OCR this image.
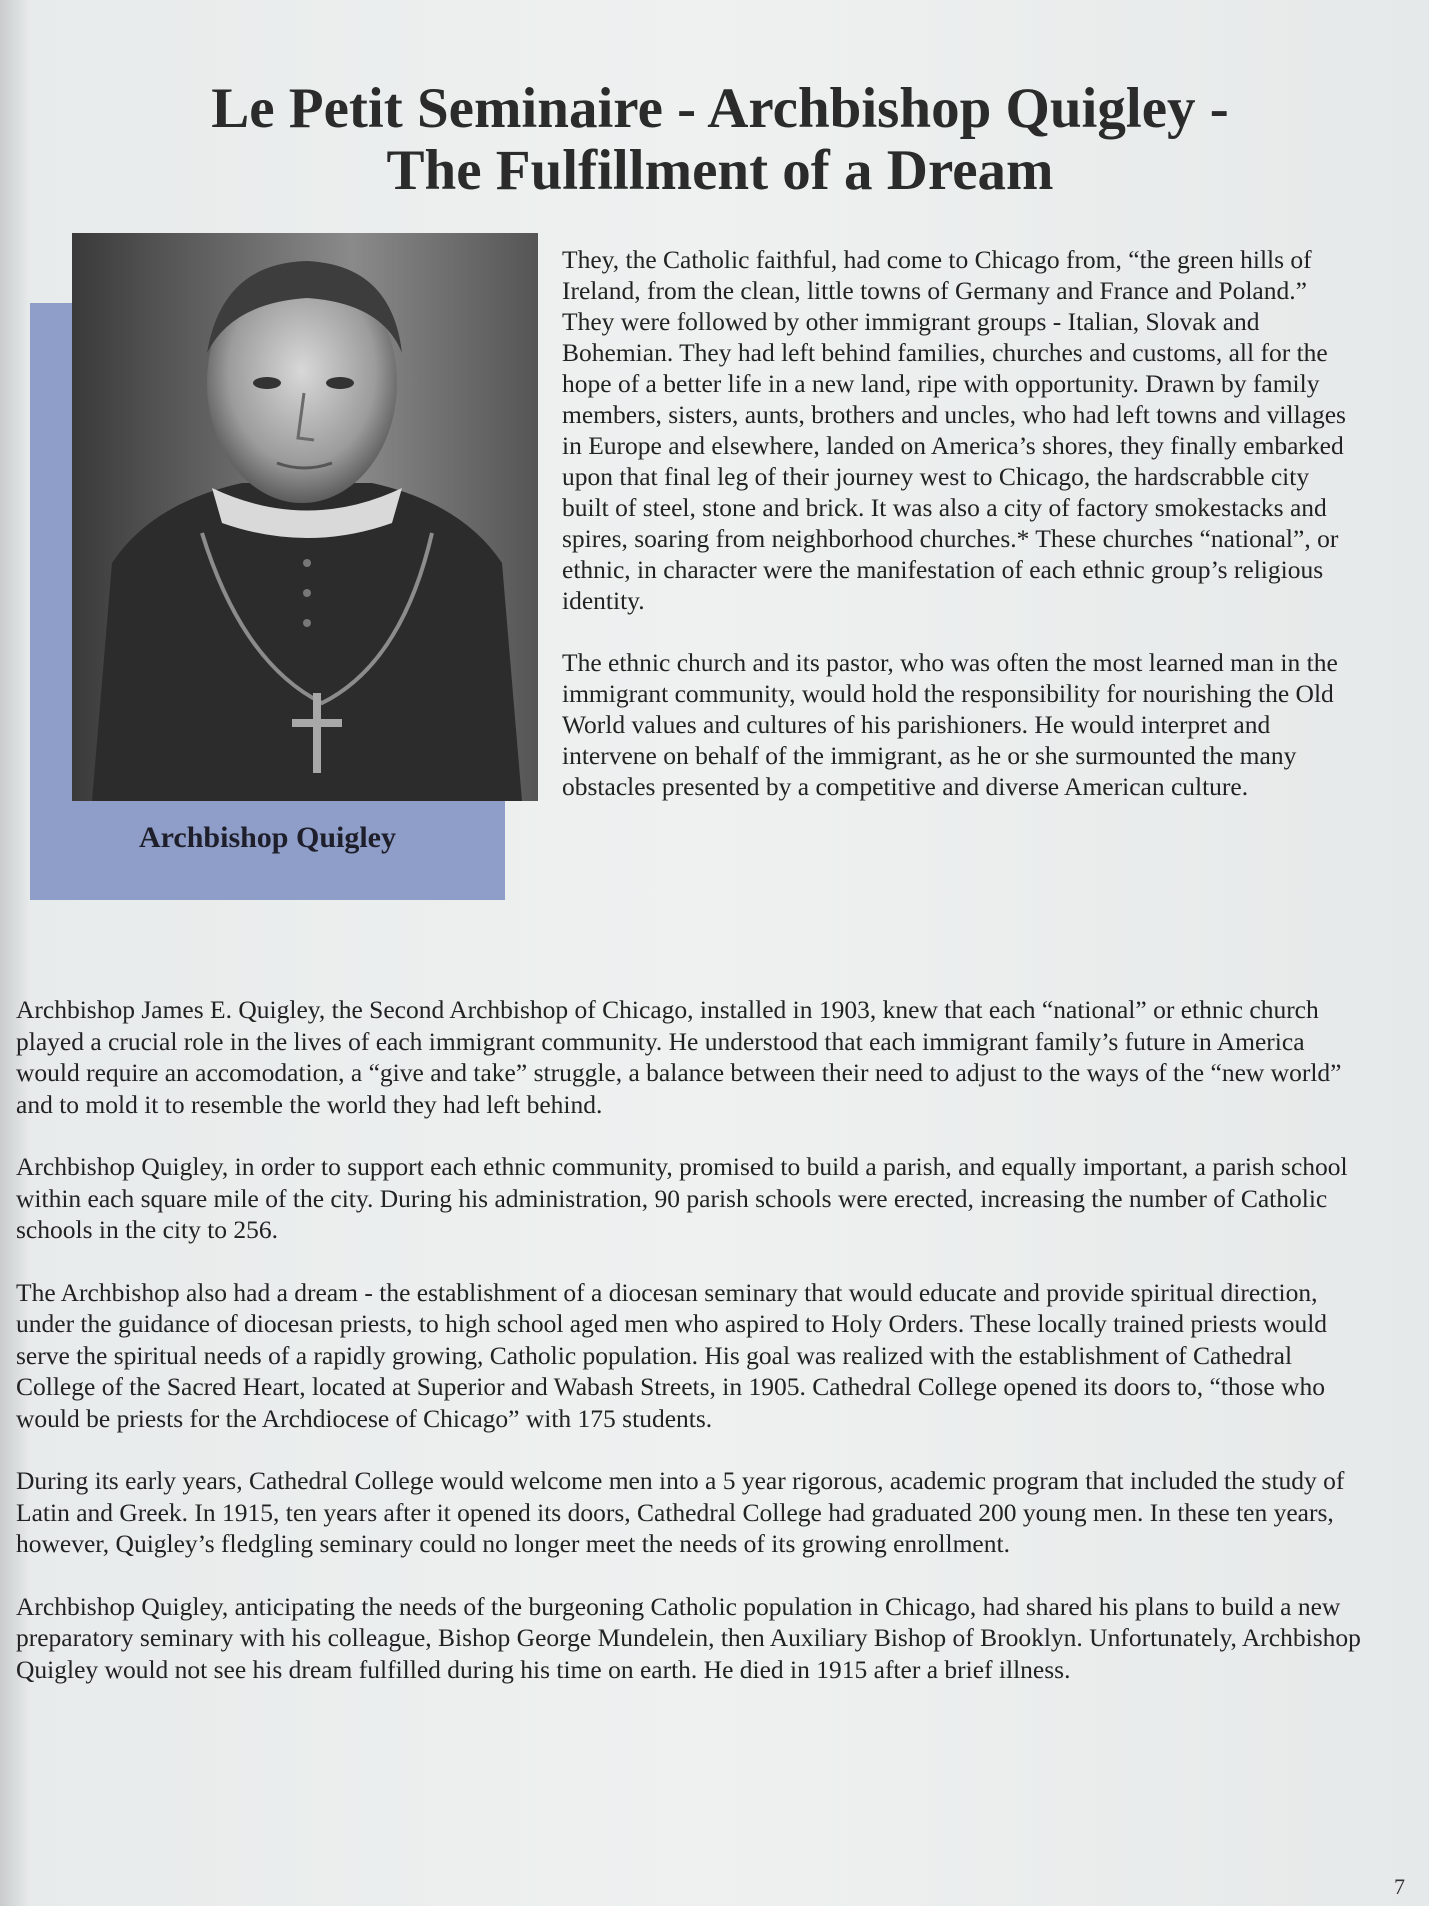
Le Petit Seminaire - Archbishop Quigley -
The Fulfillment of a Dream
Archbishop Quigley

They, the Catholic faithful, had come to Chicago from, “the green hills of Ireland, from the clean, little towns of Germany and France and Poland.” They were followed by other immigrant groups - Italian, Slovak and Bohemian. They had left behind families, churches and customs, all for the hope of a better life in a new land, ripe with opportunity. Drawn by family members, sisters, aunts, brothers and uncles, who had left towns and villages in Europe and elsewhere, landed on America’s shores, they finally embarked upon that final leg of their journey west to Chicago, the hardscrabble city built of steel, stone and brick. It was also a city of factory smokestacks and spires, soaring from neighborhood churches.* These churches “national”, or ethnic, in character were the manifestation of each ethnic group’s religious identity.

The ethnic church and its pastor, who was often the most learned man in the immigrant community, would hold the responsibility for nourishing the Old World values and cultures of his parishioners. He would interpret and intervene on behalf of the immigrant, as he or she surmounted the many obstacles presented by a competitive and diverse American culture.

Archbishop James E. Quigley, the Second Archbishop of Chicago, installed in 1903, knew that each “national” or ethnic church played a crucial role in the lives of each immigrant community. He understood that each immigrant family’s future in America would require an accomodation, a “give and take” struggle, a balance between their need to adjust to the ways of the “new world” and to mold it to resemble the world they had left behind.

Archbishop Quigley, in order to support each ethnic community, promised to build a parish, and equally important, a parish school within each square mile of the city. During his administration, 90 parish schools were erected, increasing the number of Catholic schools in the city to 256.

The Archbishop also had a dream - the establishment of a diocesan seminary that would educate and provide spiritual direction, under the guidance of diocesan priests, to high school aged men who aspired to Holy Orders. These locally trained priests would serve the spiritual needs of a rapidly growing, Catholic population. His goal was realized with the establishment of Cathedral College of the Sacred Heart, located at Superior and Wabash Streets, in 1905. Cathedral College opened its doors to, “those who would be priests for the Archdiocese of Chicago” with 175 students.

During its early years, Cathedral College would welcome men into a 5 year rigorous, academic program that included the study of Latin and Greek. In 1915, ten years after it opened its doors, Cathedral College had graduated 200 young men. In these ten years, however, Quigley’s fledgling seminary could no longer meet the needs of its growing enrollment.

Archbishop Quigley, anticipating the needs of the burgeoning Catholic population in Chicago, had shared his plans to build a new preparatory seminary with his colleague, Bishop George Mundelein, then Auxiliary Bishop of Brooklyn. Unfortunately, Archbishop Quigley would not see his dream fulfilled during his time on earth. He died in 1915 after a brief illness.

7
